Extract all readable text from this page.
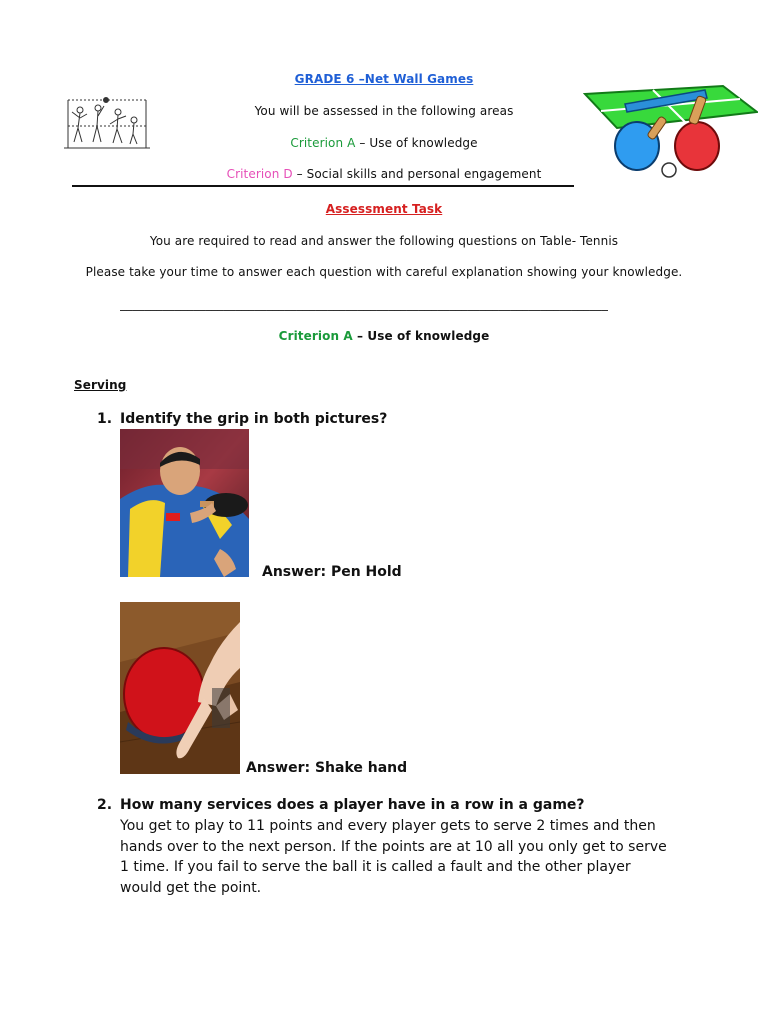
GRADE 6 –Net Wall Games
You will be assessed in the following areas
Criterion A – Use of knowledge
Criterion D – Social skills and personal engagement
Assessment Task
You are required to read and answer the following questions on Table- Tennis
Please take your time to answer each question with careful explanation showing your knowledge.
________________________________________________________________________________
Criterion A – Use of knowledge
Serving
1. Identify the grip in both pictures?
Answer: Pen Hold
Answer: Shake hand
2. How many services does a player have in a row in a game?
You get to play to 11 points and every player gets to serve 2 times and then
hands over to the next person. If the points are at 10 all you only get to serve
1 time. If you fail to serve the ball it is called a fault and the other player
would get the point.
